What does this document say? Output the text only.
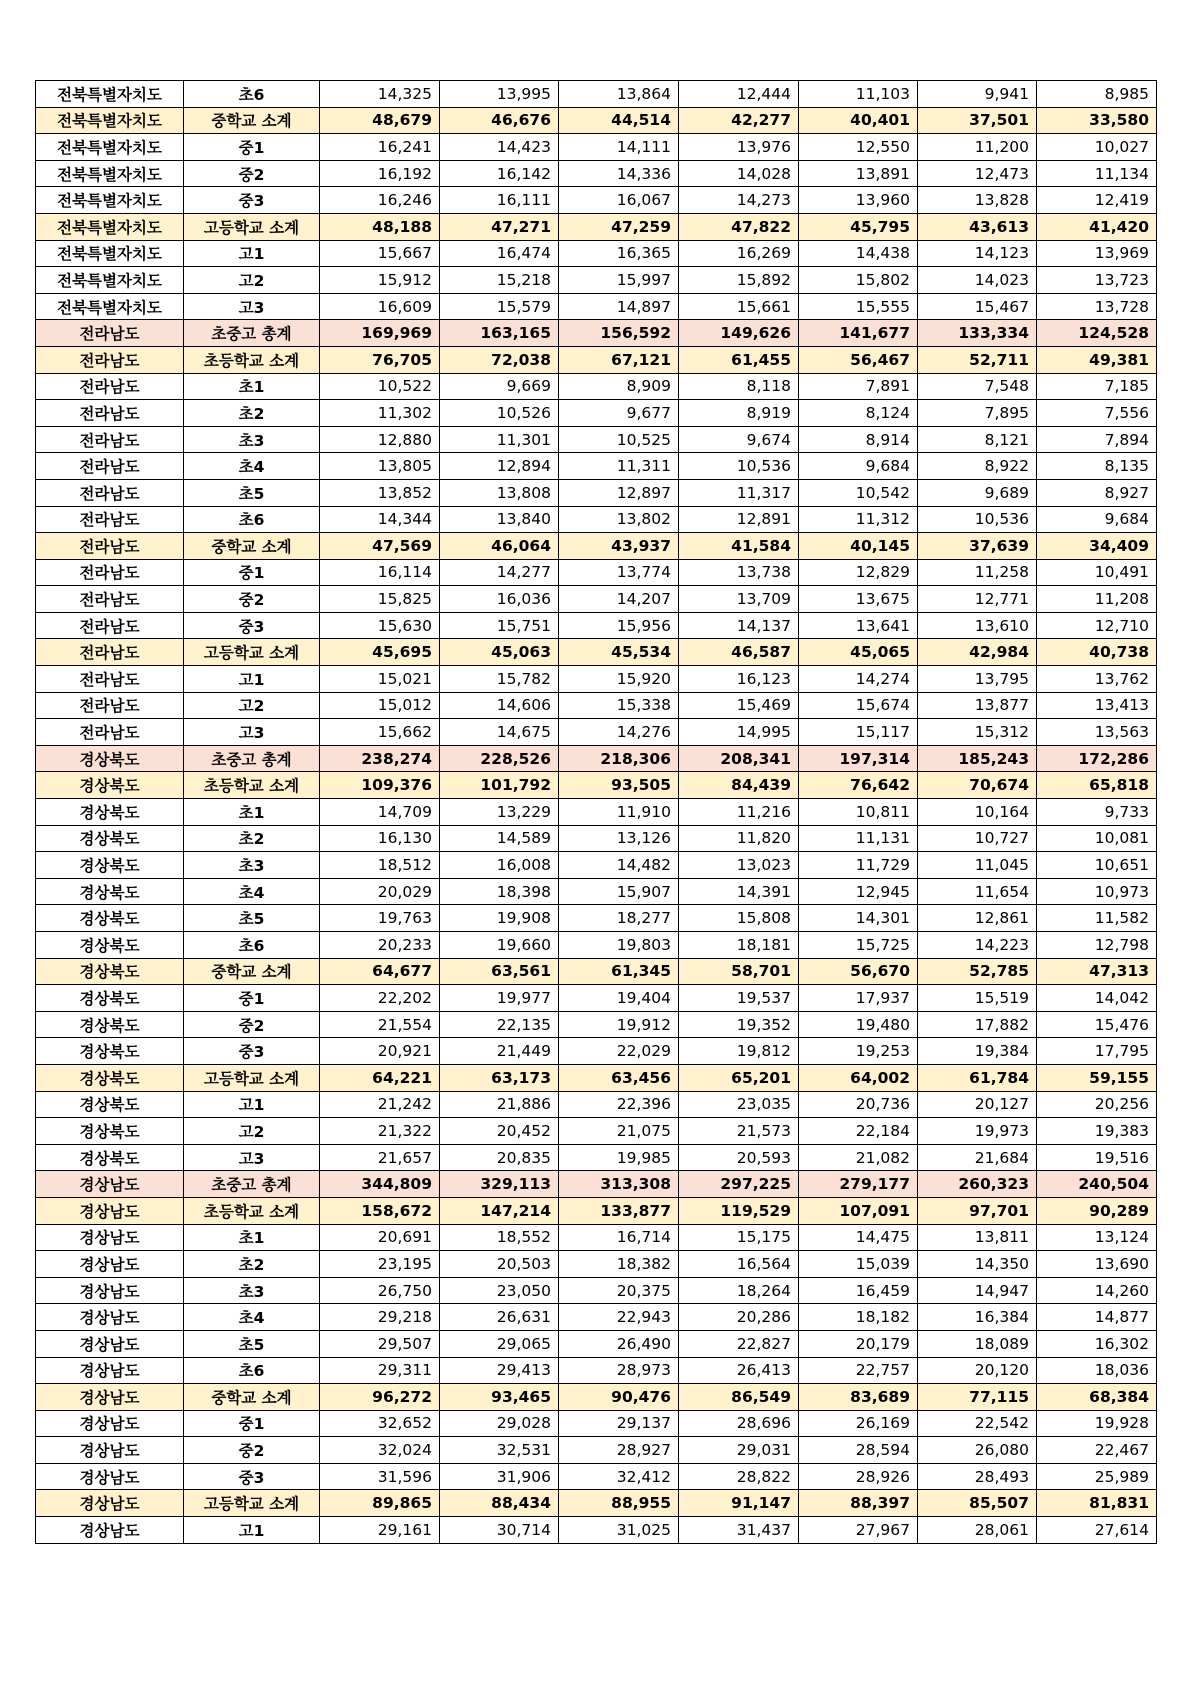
전북특별자치도	초6	14,325	13,995	13,864	12,444	11,103	9,941	8,985
전북특별자치도	중학교 소계	48,679	46,676	44,514	42,277	40,401	37,501	33,580
전북특별자치도	중1	16,241	14,423	14,111	13,976	12,550	11,200	10,027
전북특별자치도	중2	16,192	16,142	14,336	14,028	13,891	12,473	11,134
전북특별자치도	중3	16,246	16,111	16,067	14,273	13,960	13,828	12,419
전북특별자치도	고등학교 소계	48,188	47,271	47,259	47,822	45,795	43,613	41,420
전북특별자치도	고1	15,667	16,474	16,365	16,269	14,438	14,123	13,969
전북특별자치도	고2	15,912	15,218	15,997	15,892	15,802	14,023	13,723
전북특별자치도	고3	16,609	15,579	14,897	15,661	15,555	15,467	13,728
전라남도	초중고 총계	169,969	163,165	156,592	149,626	141,677	133,334	124,528
전라남도	초등학교 소계	76,705	72,038	67,121	61,455	56,467	52,711	49,381
전라남도	초1	10,522	9,669	8,909	8,118	7,891	7,548	7,185
전라남도	초2	11,302	10,526	9,677	8,919	8,124	7,895	7,556
전라남도	초3	12,880	11,301	10,525	9,674	8,914	8,121	7,894
전라남도	초4	13,805	12,894	11,311	10,536	9,684	8,922	8,135
전라남도	초5	13,852	13,808	12,897	11,317	10,542	9,689	8,927
전라남도	초6	14,344	13,840	13,802	12,891	11,312	10,536	9,684
전라남도	중학교 소계	47,569	46,064	43,937	41,584	40,145	37,639	34,409
전라남도	중1	16,114	14,277	13,774	13,738	12,829	11,258	10,491
전라남도	중2	15,825	16,036	14,207	13,709	13,675	12,771	11,208
전라남도	중3	15,630	15,751	15,956	14,137	13,641	13,610	12,710
전라남도	고등학교 소계	45,695	45,063	45,534	46,587	45,065	42,984	40,738
전라남도	고1	15,021	15,782	15,920	16,123	14,274	13,795	13,762
전라남도	고2	15,012	14,606	15,338	15,469	15,674	13,877	13,413
전라남도	고3	15,662	14,675	14,276	14,995	15,117	15,312	13,563
경상북도	초중고 총계	238,274	228,526	218,306	208,341	197,314	185,243	172,286
경상북도	초등학교 소계	109,376	101,792	93,505	84,439	76,642	70,674	65,818
경상북도	초1	14,709	13,229	11,910	11,216	10,811	10,164	9,733
경상북도	초2	16,130	14,589	13,126	11,820	11,131	10,727	10,081
경상북도	초3	18,512	16,008	14,482	13,023	11,729	11,045	10,651
경상북도	초4	20,029	18,398	15,907	14,391	12,945	11,654	10,973
경상북도	초5	19,763	19,908	18,277	15,808	14,301	12,861	11,582
경상북도	초6	20,233	19,660	19,803	18,181	15,725	14,223	12,798
경상북도	중학교 소계	64,677	63,561	61,345	58,701	56,670	52,785	47,313
경상북도	중1	22,202	19,977	19,404	19,537	17,937	15,519	14,042
경상북도	중2	21,554	22,135	19,912	19,352	19,480	17,882	15,476
경상북도	중3	20,921	21,449	22,029	19,812	19,253	19,384	17,795
경상북도	고등학교 소계	64,221	63,173	63,456	65,201	64,002	61,784	59,155
경상북도	고1	21,242	21,886	22,396	23,035	20,736	20,127	20,256
경상북도	고2	21,322	20,452	21,075	21,573	22,184	19,973	19,383
경상북도	고3	21,657	20,835	19,985	20,593	21,082	21,684	19,516
경상남도	초중고 총계	344,809	329,113	313,308	297,225	279,177	260,323	240,504
경상남도	초등학교 소계	158,672	147,214	133,877	119,529	107,091	97,701	90,289
경상남도	초1	20,691	18,552	16,714	15,175	14,475	13,811	13,124
경상남도	초2	23,195	20,503	18,382	16,564	15,039	14,350	13,690
경상남도	초3	26,750	23,050	20,375	18,264	16,459	14,947	14,260
경상남도	초4	29,218	26,631	22,943	20,286	18,182	16,384	14,877
경상남도	초5	29,507	29,065	26,490	22,827	20,179	18,089	16,302
경상남도	초6	29,311	29,413	28,973	26,413	22,757	20,120	18,036
경상남도	중학교 소계	96,272	93,465	90,476	86,549	83,689	77,115	68,384
경상남도	중1	32,652	29,028	29,137	28,696	26,169	22,542	19,928
경상남도	중2	32,024	32,531	28,927	29,031	28,594	26,080	22,467
경상남도	중3	31,596	31,906	32,412	28,822	28,926	28,493	25,989
경상남도	고등학교 소계	89,865	88,434	88,955	91,147	88,397	85,507	81,831
경상남도	고1	29,161	30,714	31,025	31,437	27,967	28,061	27,614
